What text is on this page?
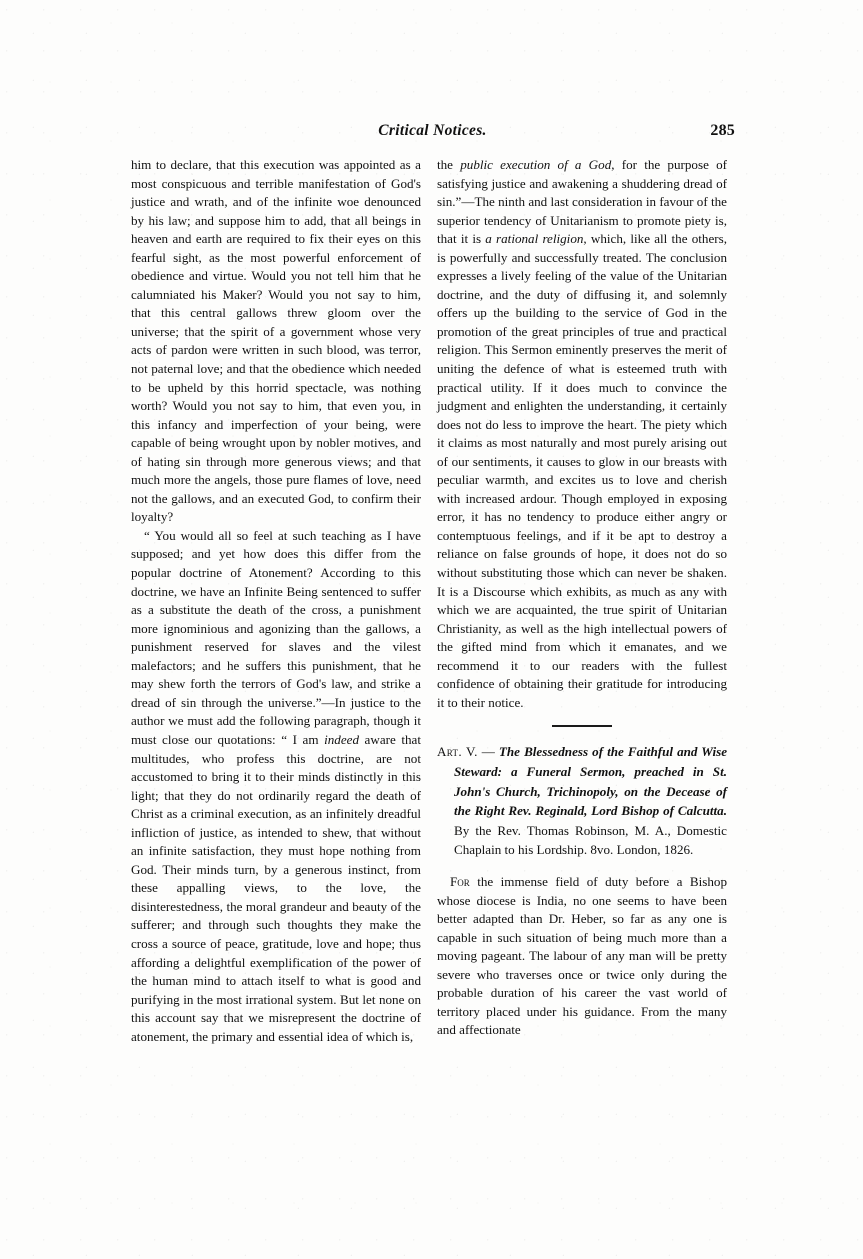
Critical Notices.	285

him to declare, that this execution was appointed as a most conspicuous and terrible manifestation of God's justice and wrath, and of the infinite woe denounced by his law; and suppose him to add, that all beings in heaven and earth are required to fix their eyes on this fearful sight, as the most powerful enforcement of obedience and virtue. Would you not tell him that he calumniated his Maker? Would you not say to him, that this central gallows threw gloom over the universe; that the spirit of a government whose very acts of pardon were written in such blood, was terror, not paternal love; and that the obedience which needed to be upheld by this horrid spectacle, was nothing worth? Would you not say to him, that even you, in this infancy and imperfection of your being, were capable of being wrought upon by nobler motives, and of hating sin through more generous views; and that much more the angels, those pure flames of love, need not the gallows, and an executed God, to confirm their loyalty?

“ You would all so feel at such teaching as I have supposed; and yet how does this differ from the popular doctrine of Atonement? According to this doctrine, we have an Infinite Being sentenced to suffer as a substitute the death of the cross, a punishment more ignominious and agonizing than the gallows, a punishment reserved for slaves and the vilest malefactors; and he suffers this punishment, that he may shew forth the terrors of God's law, and strike a dread of sin through the universe.”—In justice to the author we must add the following paragraph, though it must close our quotations: “ I am indeed aware that multitudes, who profess this doctrine, are not accustomed to bring it to their minds distinctly in this light; that they do not ordinarily regard the death of Christ as a criminal execution, as an infinitely dreadful infliction of justice, as intended to shew, that without an infinite satisfaction, they must hope nothing from God. Their minds turn, by a generous instinct, from these appalling views, to the love, the disinterestedness, the moral grandeur and beauty of the sufferer; and through such thoughts they make the cross a source of peace, gratitude, love and hope; thus affording a delightful exemplification of the power of the human mind to attach itself to what is good and purifying in the most irrational system. But let none on this account say that we misrepresent the doctrine of atonement, the primary and essential idea of which is,

the public execution of a God, for the purpose of satisfying justice and awakening a shuddering dread of sin.”—The ninth and last consideration in favour of the superior tendency of Unitarianism to promote piety is, that it is a rational religion, which, like all the others, is powerfully and successfully treated. The conclusion expresses a lively feeling of the value of the Unitarian doctrine, and the duty of diffusing it, and solemnly offers up the building to the service of God in the promotion of the great principles of true and practical religion. This Sermon eminently preserves the merit of uniting the defence of what is esteemed truth with practical utility. If it does much to convince the judgment and enlighten the understanding, it certainly does not do less to improve the heart. The piety which it claims as most naturally and most purely arising out of our sentiments, it causes to glow in our breasts with peculiar warmth, and excites us to love and cherish with increased ardour. Though employed in exposing error, it has no tendency to produce either angry or contemptuous feelings, and if it be apt to destroy a reliance on false grounds of hope, it does not do so without substituting those which can never be shaken. It is a Discourse which exhibits, as much as any with which we are acquainted, the true spirit of Unitarian Christianity, as well as the high intellectual powers of the gifted mind from which it emanates, and we recommend it to our readers with the fullest confidence of obtaining their gratitude for introducing it to their notice.

Art. V. — The Blessedness of the Faithful and Wise Steward: a Funeral Sermon, preached in St. John's Church, Trichinopoly, on the Decease of the Right Rev. Reginald, Lord Bishop of Calcutta. By the Rev. Thomas Robinson, M. A., Domestic Chaplain to his Lordship. 8vo. London, 1826.

For the immense field of duty before a Bishop whose diocese is India, no one seems to have been better adapted than Dr. Heber, so far as any one is capable in such situation of being much more than a moving pageant. The labour of any man will be pretty severe who traverses once or twice only during the probable duration of his career the vast world of territory placed under his guidance. From the many and affectionate
